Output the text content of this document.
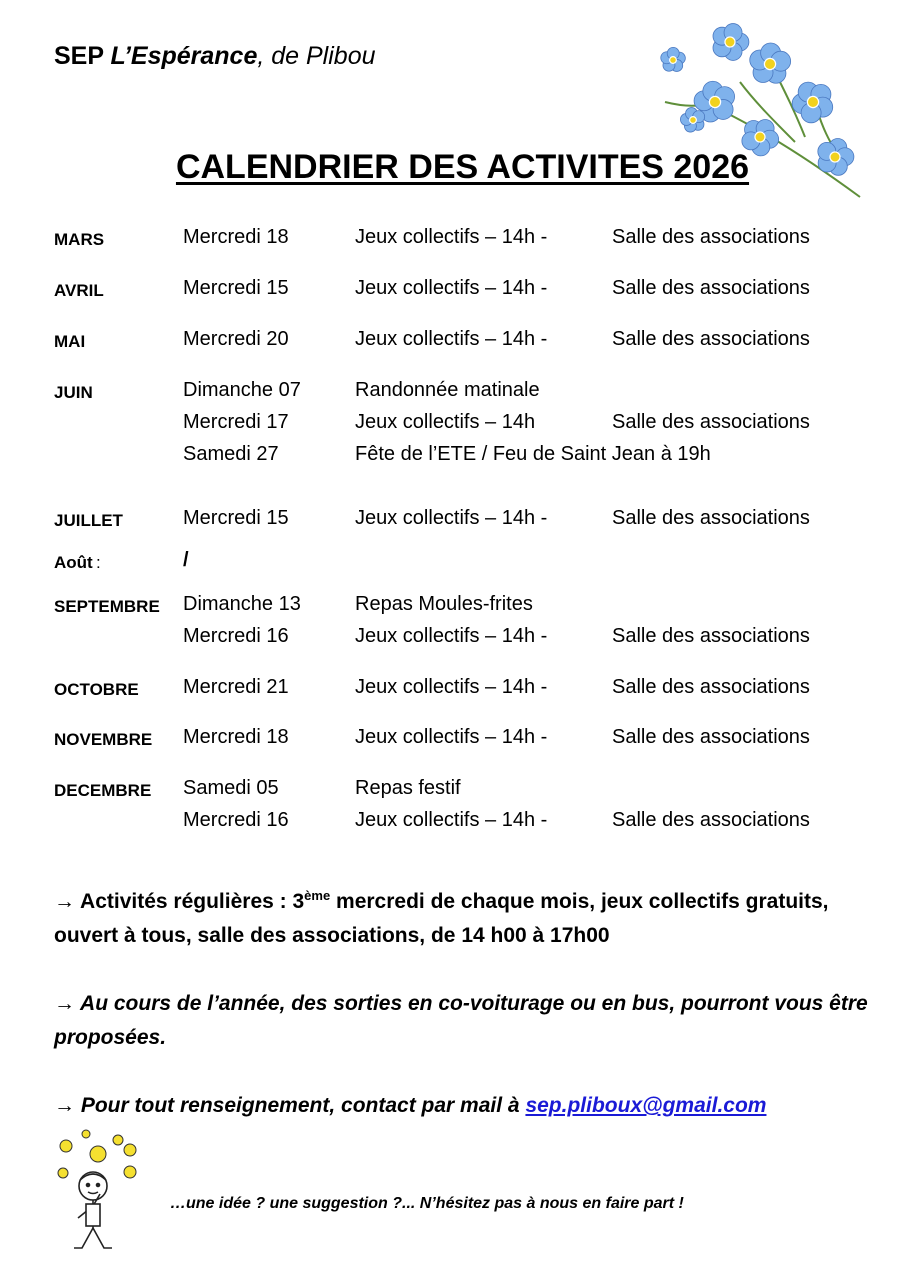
SEP L’Espérance, de Plibou
CALENDRIER DES ACTIVITES 2026
MARS	Mercredi 18	Jeux collectifs – 14h -	Salle des associations
AVRIL	Mercredi 15	Jeux collectifs – 14h -	Salle des associations
MAI	Mercredi 20	Jeux collectifs – 14h -	Salle des associations
JUIN	Dimanche 07	Randonnée matinale
Mercredi 17	Jeux collectifs – 14h	Salle des associations
Samedi 27	Fête de l’ETE / Feu de Saint Jean à 19h
JUILLET	Mercredi 15	Jeux collectifs – 14h -	Salle des associations
Août :	/
SEPTEMBRE Dimanche 13	Repas Moules-frites
Mercredi 16	Jeux collectifs – 14h -	Salle des associations
OCTOBRE Mercredi 21	Jeux collectifs – 14h -	Salle des associations
NOVEMBRE Mercredi 18	Jeux collectifs – 14h -	Salle des associations
DECEMBRE Samedi 05	Repas festif
Mercredi 16	Jeux collectifs – 14h -	Salle des associations
→ Activités régulières : 3ème mercredi de chaque mois, jeux collectifs gratuits, ouvert à tous, salle des associations, de 14 h00 à 17h00
→ Au cours de l’année, des sorties en co-voiturage ou en bus, pourront vous être proposées.
→ Pour tout renseignement, contact par mail à sep.pliboux@gmail.com
…une idée ? une suggestion ?... N’hésitez pas à nous en faire part !
